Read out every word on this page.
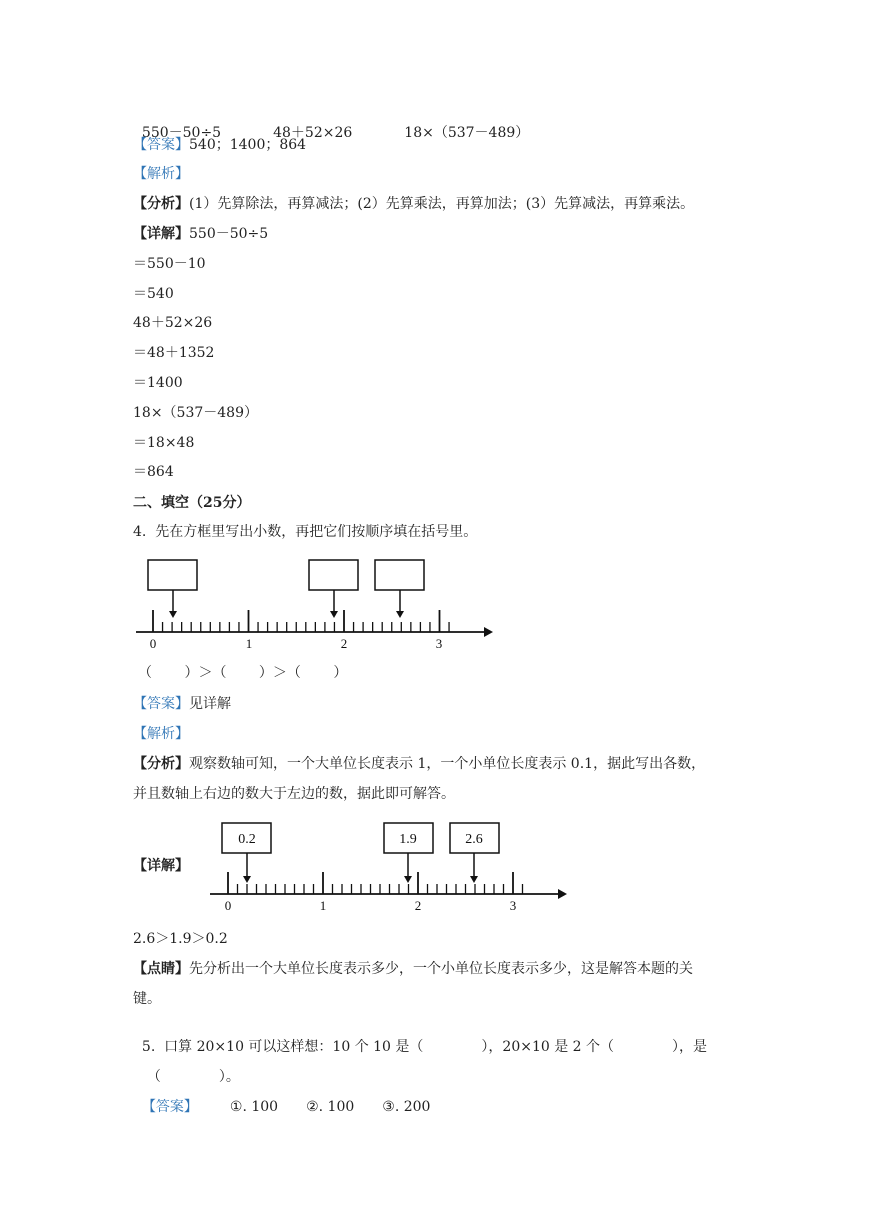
550－50÷5	48＋52×26	18×（537－489）

【答案】540；1400；864
【解析】
【分析】(1）先算除法，再算减法；(2）先算乘法，再算加法；(3）先算减法，再算乘法。
【详解】550－50÷5
＝550－10
＝540
48＋52×26
＝48＋1352
＝1400
18×（537－489）
＝18×48
＝864
二、填空（25分）
4.  先在方框里写出小数，再把它们按顺序填在括号里。
0	1	2	3
（　　 ）＞（　　 ）＞（　　 ）
【答案】见详解
【解析】
【分析】观察数轴可知，一个大单位长度表示 1，一个小单位长度表示 0.1，据此写出各数，
并且数轴上右边的数大于左边的数，据此即可解答。
【详解】
0.2	1.9	2.6
0	1	2	3
2.6＞1.9＞0.2
【点睛】先分析出一个大单位长度表示多少，一个小单位长度表示多少，这是解答本题的关
键。

5.  口算 20×10 可以这样想：10 个 10 是（	），20×10 是 2 个（	），是

（	）。

【答案】 ①. 100 ②. 100 ③. 200
